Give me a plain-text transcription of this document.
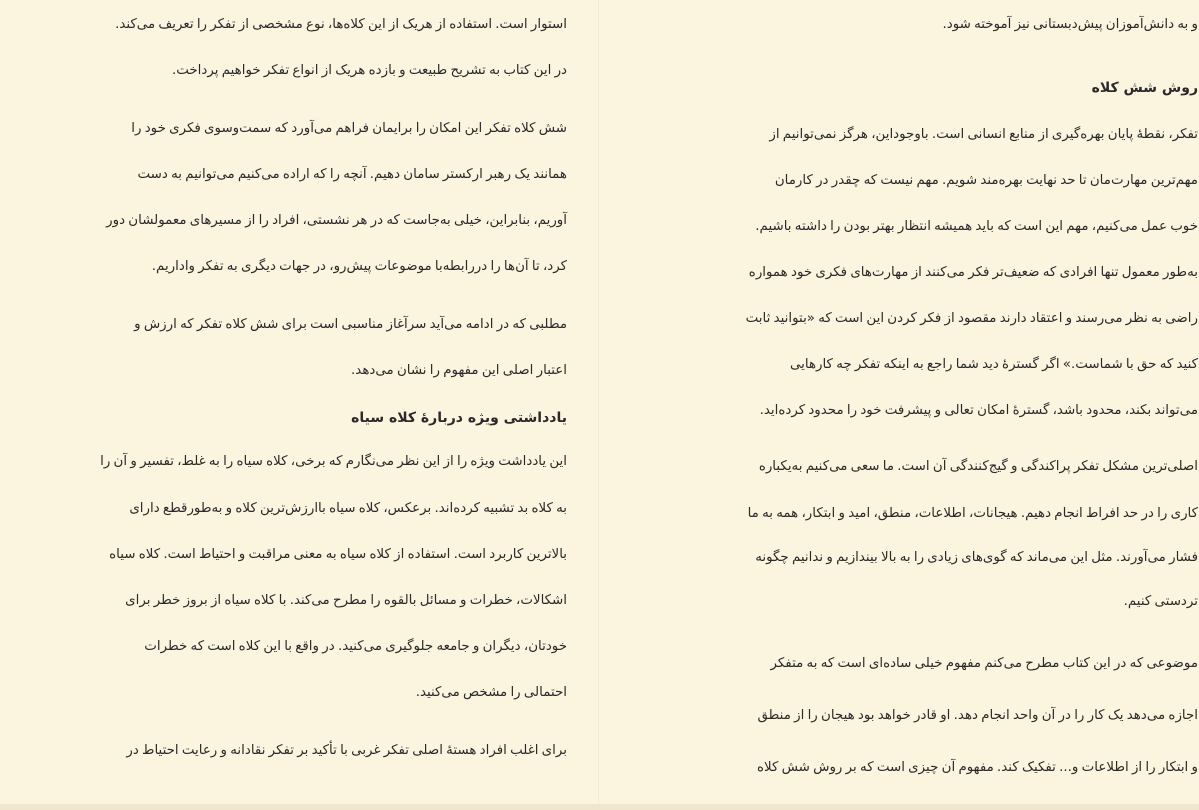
و به دانش‌آموزان پیش‌دبستانی نیز آموخته شود.

روش شش کلاه

تفکر، نقطهٔ پایان بهره‌گیری از منابع انسانی است. باوجوداین، هرگز نمی‌توانیم از

مهم‌ترین مهارت‌مان تا حد نهایت بهره‌مند شویم. مهم نیست که چقدر در کارمان

خوب عمل می‌کنیم، مهم این است که باید همیشه انتظار بهتر بودن را داشته باشیم.

به‌طور معمول تنها افرادی که ضعیف‌تر فکر می‌کنند از مهارت‌های فکری خود همواره

راضی به نظر می‌رسند و اعتقاد دارند مقصود از فکر کردن این است که «بتوانید ثابت

کنید که حق با شماست.» اگر گسترهٔ دید شما راجع به اینکه تفکر چه کارهایی

می‌تواند بکند، محدود باشد، گسترهٔ امکان تعالی و پیشرفت خود را محدود کرده‌اید.

اصلی‌ترین مشکل تفکر پراکندگی و گیج‌کنندگی آن است. ما سعی می‌کنیم به‌یکباره

کاری را در حد افراط انجام دهیم. هیجانات، اطلاعات، منطق، امید و ابتکار، همه به ما

فشار می‌آورند. مثل این می‌ماند که گوی‌های زیادی را به بالا بیندازیم و ندانیم چگونه

تردستی کنیم.

موضوعی که در این کتاب مطرح می‌کنم مفهوم خیلی ساده‌ای است که به متفکر

اجازه می‌دهد یک کار را در آن واحد انجام دهد. او قادر خواهد بود هیجان را از منطق

و ابتکار را از اطلاعات و... تفکیک کند. مفهوم آن چیزی است که بر روش شش کلاه

استوار است. استفاده از هریک از این کلاه‌ها، نوع مشخصی از تفکر را تعریف می‌کند.

در این کتاب به تشریح طبیعت و بازده هریک از انواع تفکر خواهیم پرداخت.

شش کلاه تفکر این امکان را برایمان فراهم می‌آورد که سمت‌وسوی فکری خود را

همانند یک رهبر ارکستر سامان دهیم. آنچه را که اراده می‌کنیم می‌توانیم به دست

آوریم، بنابراین، خیلی به‌جاست که در هر نشستی، افراد را از مسیرهای معمولشان دور

کرد، تا آن‌ها را دررابطه‌با موضوعات پیش‌رو، در جهات دیگری به تفکر واداریم.

مطلبی که در ادامه می‌آید سرآغاز مناسبی است برای شش کلاه تفکر که ارزش و

اعتبار اصلی این مفهوم را نشان می‌دهد.

یادداشتی ویژه دربارهٔ کلاه سیاه

این یادداشت ویژه را از این نظر می‌نگارم که برخی، کلاه سیاه را به غلط، تفسیر و آن را

به کلاه بد تشبیه کرده‌اند. برعکس، کلاه سیاه باارزش‌ترین کلاه و به‌طورقطع دارای

بالاترین کاربرد است. استفاده از کلاه سیاه به معنی مراقبت و احتیاط است. کلاه سیاه

اشکالات، خطرات و مسائل بالقوه را مطرح می‌کند. با کلاه سیاه از بروز خطر برای

خودتان، دیگران و جامعه جلوگیری می‌کنید. در واقع با این کلاه است که خطرات

احتمالی را مشخص می‌کنید.

برای اغلب افراد هستهٔ اصلی تفکر غربی با تأکید بر تفکر نقادانه و رعایت احتیاط در
